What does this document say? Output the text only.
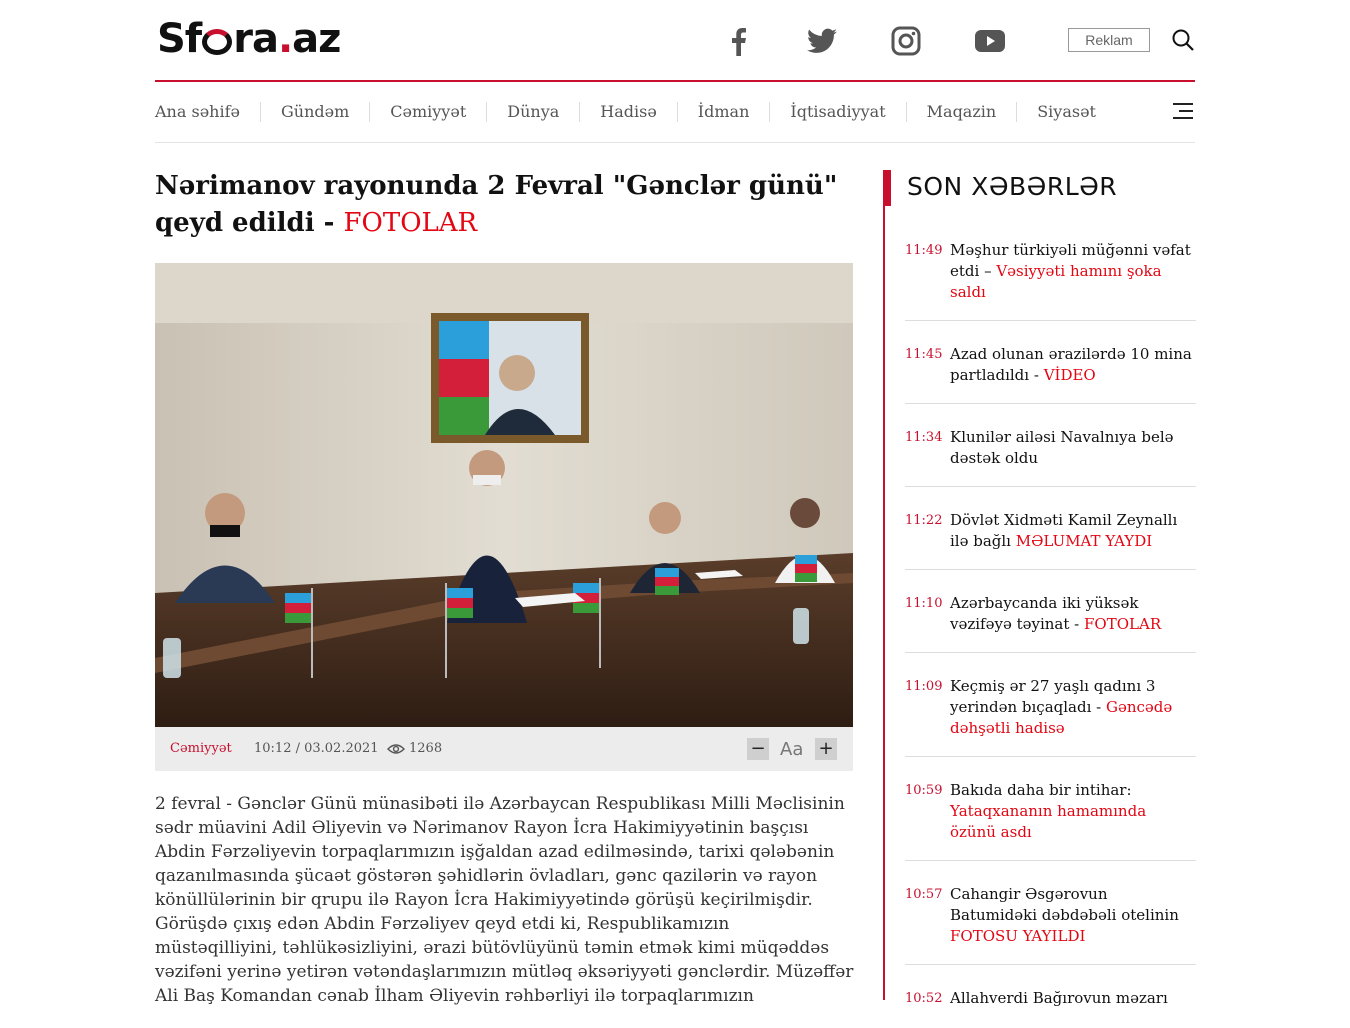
Sf ra.az	Reklam
Ana səhifə	Gündəm	Cəmiyyət	Dünya	Hadisə	İdman	İqtisadiyyat	Maqazin	Siyasət
Nərimanov rayonunda 2 Fevral "Gənclər günü" qeyd edildi - FOTOLAR
Cəmiyyət 10:12 / 03.02.2021 1268	− Aa +

2 fevral - Gənclər Günü münasibəti ilə Azərbaycan Respublikası Milli Məclisinin sədr müavini Adil Əliyevin və Nərimanov Rayon İcra Hakimiyyətinin başçısı Abdin Fərzəliyevin torpaqlarımızın işğaldan azad edilməsində, tarixi qələbənin qazanılmasında şücaət göstərən şəhidlərin övladları, gənc qazilərin və rayon könüllülərinin bir qrupu ilə Rayon İcra Hakimiyyətində görüşü keçirilmişdir. Görüşdə çıxış edən Abdin Fərzəliyev qeyd etdi ki, Respublikamızın müstəqilliyini, təhlükəsizliyini, ərazi bütövlüyünü təmin etmək kimi müqəddəs vəzifəni yerinə yetirən vətəndaşlarımızın mütləq əksəriyyəti gənclərdir. Müzəffər Ali Baş Komandan cənab İlham Əliyevin rəhbərliyi ilə torpaqlarımızın

SON XƏBƏRLƏR
11:49 Məşhur türkiyəli müğənni vəfat etdi – Vəsiyyəti hamını şoka saldı
11:45 Azad olunan ərazilərdə 10 mina partladıldı - VİDEO
11:34 Klunilər ailəsi Navalnıya belə dəstək oldu
11:22 Dövlət Xidməti Kamil Zeynallı ilə bağlı MƏLUMAT YAYDI
11:10 Azərbaycanda iki yüksək vəzifəyə təyinat - FOTOLAR
11:09 Keçmiş ər 27 yaşlı qadını 3 yerindən bıçaqladı - Gəncədə dəhşətli hadisə
10:59 Bakıda daha bir intihar: Yataqxananın hamamında özünü asdı
10:57 Cahangir Əsgərovun Batumidəki dəbdəbəli otelinin FOTOSU YAYILDI
10:52 Allahverdi Bağırovun məzarı
